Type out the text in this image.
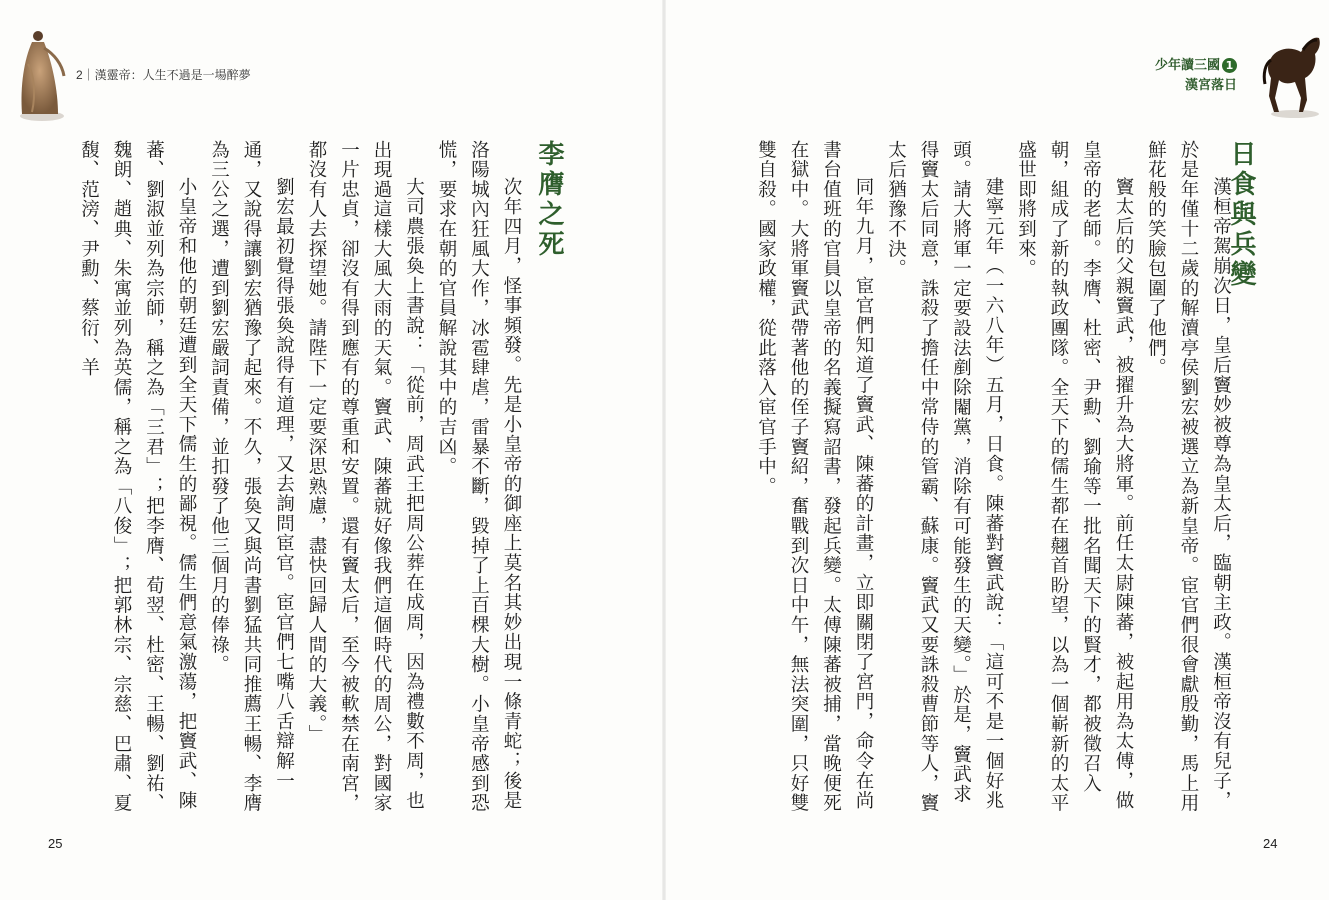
2｜漢靈帝：人生不過是一場醉夢

次年四月，怪事頻發。先是小皇帝的御座上莫名其妙出現一條青蛇；後是洛陽城內狂風大作，冰雹肆虐，雷暴不斷，毀掉了上百棵大樹。小皇帝感到恐慌，要求在朝的官員解說其中的吉凶。

大司農張奐上書說：「從前，周武王把周公葬在成周，因為禮數不周，也出現過這樣大風大雨的天氣。竇武、陳蕃就好像我們這個時代的周公，對國家一片忠貞，卻沒有得到應有的尊重和安置。還有竇太后，至今被軟禁在南宮，都沒有人去探望她。請陛下一定要深思熟慮，盡快回歸人間的大義。」

劉宏最初覺得張奐說得有道理，又去詢問宦官。宦官們七嘴八舌辯解一通，又說得讓劉宏猶豫了起來。不久，張奐又與尚書劉猛共同推薦王暢、李膺為三公之選，遭到劉宏嚴詞責備，並扣發了他三個月的俸祿。

小皇帝和他的朝廷遭到全天下儒生的鄙視。儒生們意氣激蕩，把竇武、陳蕃、劉淑並列為宗師，稱之為「三君」；把李膺、荀翌、杜密、王暢、劉祐、魏朗、趙典、朱寓並列為英儒，稱之為「八俊」；把郭林宗、宗慈、巴肅、夏馥、范滂、尹勳、蔡衍、羊	李膺之死
25
少年讀三國 1
漢宮落日
日食與兵變

漢桓帝駕崩次日，皇后竇妙被尊為皇太后，臨朝主政。漢桓帝沒有兒子，於是年僅十二歲的解瀆亭侯劉宏被選立為新皇帝。宦官們很會獻殷勤，馬上用鮮花般的笑臉包圍了他們。

竇太后的父親竇武，被擢升為大將軍。前任太尉陳蕃，被起用為太傅，做皇帝的老師。李膺、杜密、尹勳、劉瑜等一批名聞天下的賢才，都被徵召入朝，組成了新的執政團隊。全天下的儒生都在翹首盼望，以為一個嶄新的太平盛世即將到來。

建寧元年（一六八年）五月，日食。陳蕃對竇武說：「這可不是一個好兆頭。請大將軍一定要設法剷除閹黨，消除有可能發生的天變。」於是，竇武求得竇太后同意，誅殺了擔任中常侍的管霸、蘇康。竇武又要誅殺曹節等人，竇太后猶豫不決。

同年九月，宦官們知道了竇武、陳蕃的計畫，立即關閉了宮門，命令在尚書台值班的官員以皇帝的名義擬寫詔書，發起兵變。太傅陳蕃被捕，當晚便死在獄中。大將軍竇武帶著他的侄子竇紹，奮戰到次日中午，無法突圍，只好雙雙自殺。國家政權，從此落入宦官手中。

24
